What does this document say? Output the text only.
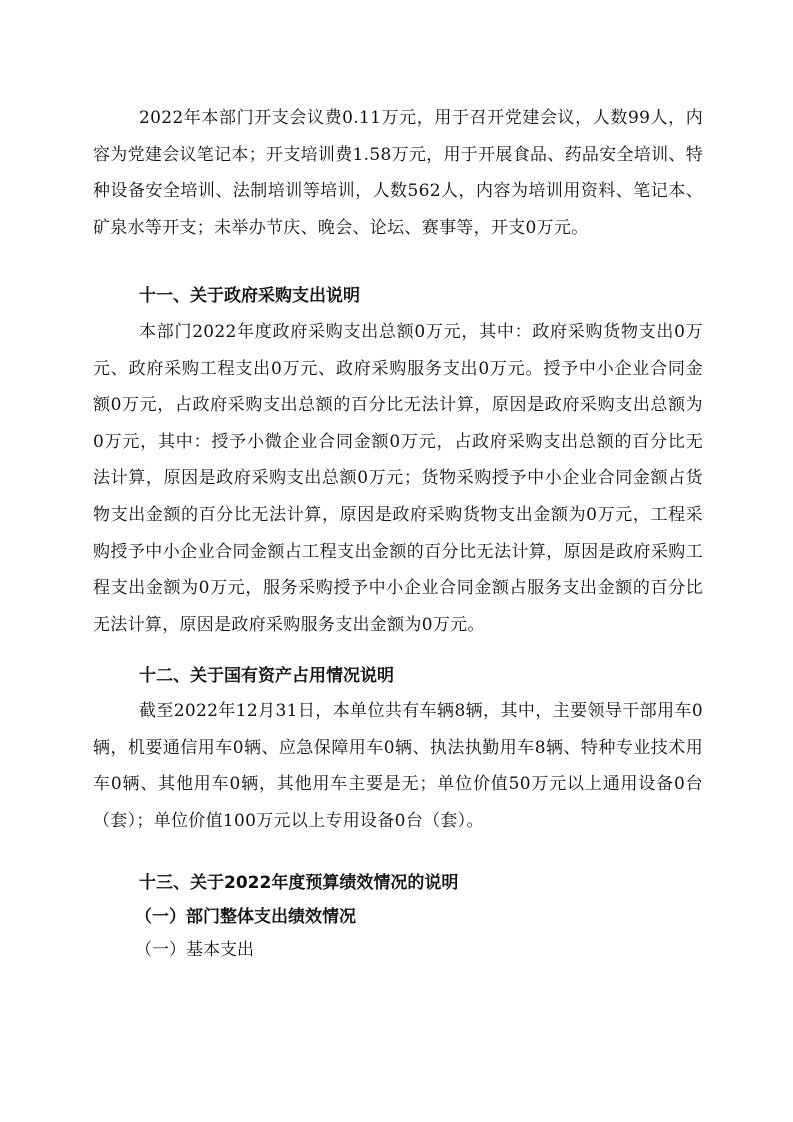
2022年本部门开支会议费0.11万元，用于召开党建会议，人数99人，内容为党建会议笔记本；开支培训费1.58万元，用于开展食品、药品安全培训、特种设备安全培训、法制培训等培训，人数562人，内容为培训用资料、笔记本、矿泉水等开支；未举办节庆、晚会、论坛、赛事等，开支0万元。

十一、关于政府采购支出说明

本部门2022年度政府采购支出总额0万元，其中：政府采购货物支出0万元、政府采购工程支出0万元、政府采购服务支出0万元。授予中小企业合同金额0万元，占政府采购支出总额的百分比无法计算，原因是政府采购支出总额为0万元，其中：授予小微企业合同金额0万元，占政府采购支出总额的百分比无法计算，原因是政府采购支出总额0万元；货物采购授予中小企业合同金额占货物支出金额的百分比无法计算，原因是政府采购货物支出金额为0万元，工程采购授予中小企业合同金额占工程支出金额的百分比无法计算，原因是政府采购工程支出金额为0万元，服务采购授予中小企业合同金额占服务支出金额的百分比无法计算，原因是政府采购服务支出金额为0万元。

十二、关于国有资产占用情况说明

截至2022年12月31日，本单位共有车辆8辆，其中，主要领导干部用车0辆，机要通信用车0辆、应急保障用车0辆、执法执勤用车8辆、特种专业技术用车0辆、其他用车0辆，其他用车主要是无；单位价值50万元以上通用设备0台（套）；单位价值100万元以上专用设备0台（套）。

十三、关于2022年度预算绩效情况的说明
（一）部门整体支出绩效情况

（一）基本支出
